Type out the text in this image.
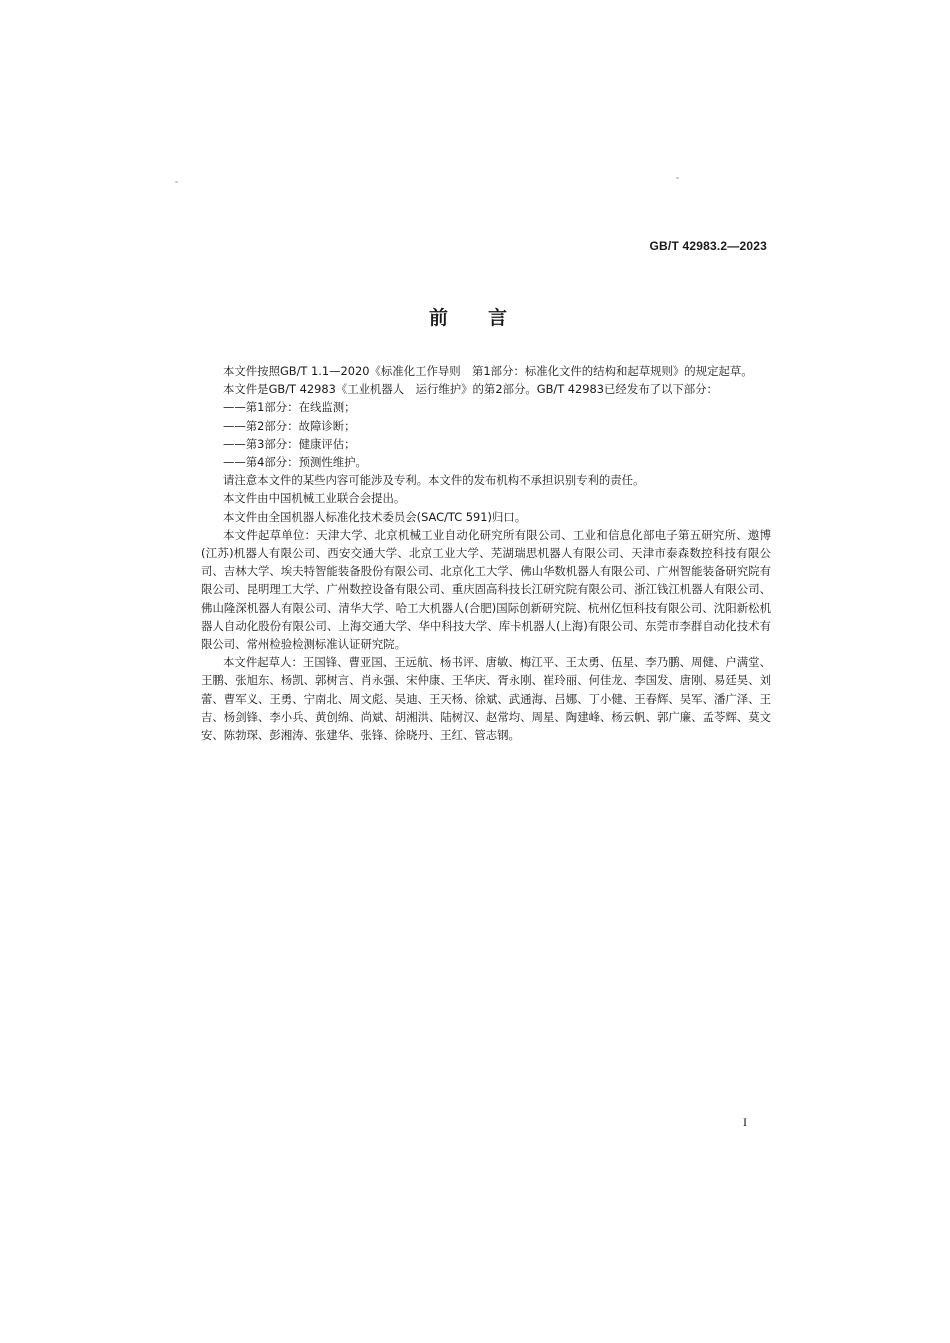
GB/T 42983.2—2023
前言

本文件按照GB/T 1.1—2020《标准化工作导则　第1部分：标准化文件的结构和起草规则》的规定起草。

本文件是GB/T 42983《工业机器人　运行维护》的第2部分。GB/T 42983已经发布了以下部分：

——第1部分：在线监测；

——第2部分：故障诊断；

——第3部分：健康评估；

——第4部分：预测性维护。

请注意本文件的某些内容可能涉及专利。本文件的发布机构不承担识别专利的责任。

本文件由中国机械工业联合会提出。

本文件由全国机器人标准化技术委员会(SAC/TC 591)归口。

本文件起草单位：天津大学、北京机械工业自动化研究所有限公司、工业和信息化部电子第五研究所、遨博(江苏)机器人有限公司、西安交通大学、北京工业大学、芜湖瑞思机器人有限公司、天津市泰森数控科技有限公司、吉林大学、埃夫特智能装备股份有限公司、北京化工大学、佛山华数机器人有限公司、广州智能装备研究院有限公司、昆明理工大学、广州数控设备有限公司、重庆固高科技长江研究院有限公司、浙江钱江机器人有限公司、佛山隆深机器人有限公司、清华大学、哈工大机器人(合肥)国际创新研究院、杭州亿恒科技有限公司、沈阳新松机器人自动化股份有限公司、上海交通大学、华中科技大学、库卡机器人(上海)有限公司、东莞市李群自动化技术有限公司、常州检验检测标准认证研究院。

本文件起草人：王国锋、曹亚国、王远航、杨书评、唐敏、梅江平、王太勇、伍星、李乃鹏、周健、户满堂、王鹏、张旭东、杨凯、郭树言、肖永强、宋仲康、王华庆、胥永刚、崔玲丽、何佳龙、李国发、唐刚、易廷昊、刘蕾、曹军义、王勇、宁南北、周文彪、吴迪、王天杨、徐斌、武通海、吕娜、丁小健、王春辉、吴军、潘广泽、王吉、杨剑锋、李小兵、黄创绵、尚斌、胡湘洪、陆树汉、赵常均、周星、陶建峰、杨云帆、郭广廉、孟苓辉、莫文安、陈勃琛、彭湘涛、张建华、张锋、徐晓丹、王红、管志钢。

I
